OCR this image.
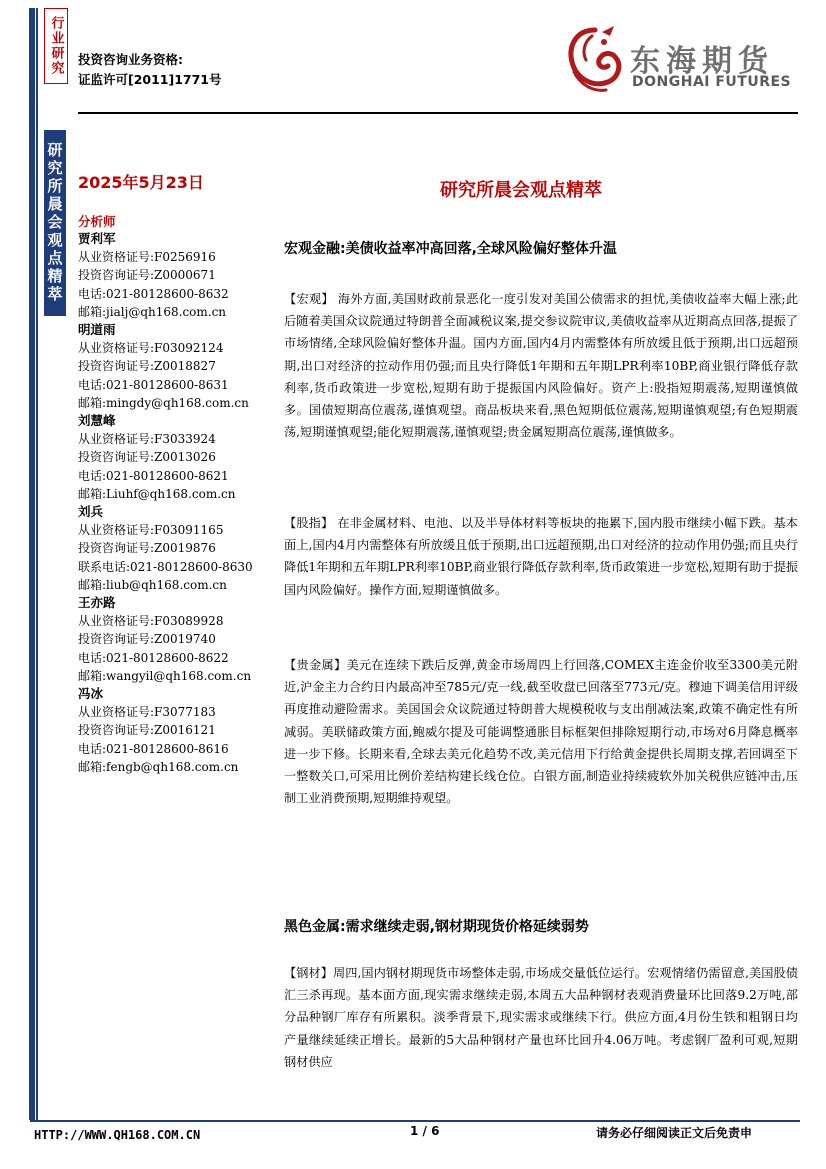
行业研究 投资咨询业务资格:
证监许可[2011]1771号
东海期货
DONGHAI FUTURES
研究所晨会观点精萃 2025年5月23日	研究所晨会观点精萃
分析师
贾利军
从业资格证号:F0256916
投资咨询证号:Z0000671
电话:021-80128600-8632
邮箱:jialj@qh168.com.cn
明道雨
从业资格证号:F03092124
投资咨询证号:Z0018827
电话:021-80128600-8631
邮箱:mingdy@qh168.com.cn
刘慧峰
从业资格证号:F3033924
投资咨询证号:Z0013026
电话:021-80128600-8621
邮箱:Liuhf@qh168.com.cn
刘兵
从业资格证号:F03091165
投资咨询证号:Z0019876
联系电话:021-80128600-8630
邮箱:liub@qh168.com.cn
王亦路
从业资格证号:F03089928
投资咨询证号:Z0019740
电话:021-80128600-8622
邮箱:wangyil@qh168.com.cn
冯冰
从业资格证号:F3077183
投资咨询证号:Z0016121
电话:021-80128600-8616
邮箱:fengb@qh168.com.cn
宏观金融:美债收益率冲高回落,全球风险偏好整体升温

【宏观】 海外方面,美国财政前景恶化一度引发对美国公债需求的担忧,美债收益率大幅上涨;此后随着美国众议院通过特朗普全面减税议案,提交参议院审议,美债收益率从近期高点回落,提振了市场情绪,全球风险偏好整体升温。国内方面,国内4月内需整体有所放缓且低于预期,出口远超预期,出口对经济的拉动作用仍强;而且央行降低1年期和五年期LPR利率10BP,商业银行降低存款利率,货币政策进一步宽松,短期有助于提振国内风险偏好。资产上:股指短期震荡,短期谨慎做多。国债短期高位震荡,谨慎观望。商品板块来看,黑色短期低位震荡,短期谨慎观望;有色短期震荡,短期谨慎观望;能化短期震荡,谨慎观望;贵金属短期高位震荡,谨慎做多。

【股指】 在非金属材料、电池、以及半导体材料等板块的拖累下,国内股市继续小幅下跌。基本面上,国内4月内需整体有所放缓且低于预期,出口远超预期,出口对经济的拉动作用仍强;而且央行降低1年期和五年期LPR利率10BP,商业银行降低存款利率,货币政策进一步宽松,短期有助于提振国内风险偏好。操作方面,短期谨慎做多。

【贵金属】美元在连续下跌后反弹,黄金市场周四上行回落,COMEX主连金价收至3300美元附近,沪金主力合约日内最高冲至785元/克一线,截至收盘已回落至773元/克。穆迪下调美信用评级再度推动避险需求。美国国会众议院通过特朗普大规模税收与支出削减法案,政策不确定性有所减弱。美联储政策方面,鲍威尔提及可能调整通胀目标框架但排除短期行动,市场对6月降息概率进一步下修。长期来看,全球去美元化趋势不改,美元信用下行给黄金提供长周期支撑,若回调至下一整数关口,可采用比例价差结构建长线仓位。白银方面,制造业持续疲软外加关税供应链冲击,压制工业消费预期,短期維持观望。

黑色金属:需求继续走弱,钢材期现货价格延续弱势

【钢材】周四,国内钢材期现货市场整体走弱,市场成交量低位运行。宏观情绪仍需留意,美国股债汇三杀再现。基本面方面,现实需求继续走弱,本周五大品种钢材表观消费量环比回落9.2万吨,部分品种钢厂库存有所累积。淡季背景下,现实需求或继续下行。供应方面,4月份生铁和粗钢日均产量继续延续正增长。最新的5大品种钢材产量也环比回升4.06万吨。考虑钢厂盈利可观,短期钢材供应

HTTP://WWW.QH168.COM.CN	1 / 6	请务必仔细阅读正文后免责申
